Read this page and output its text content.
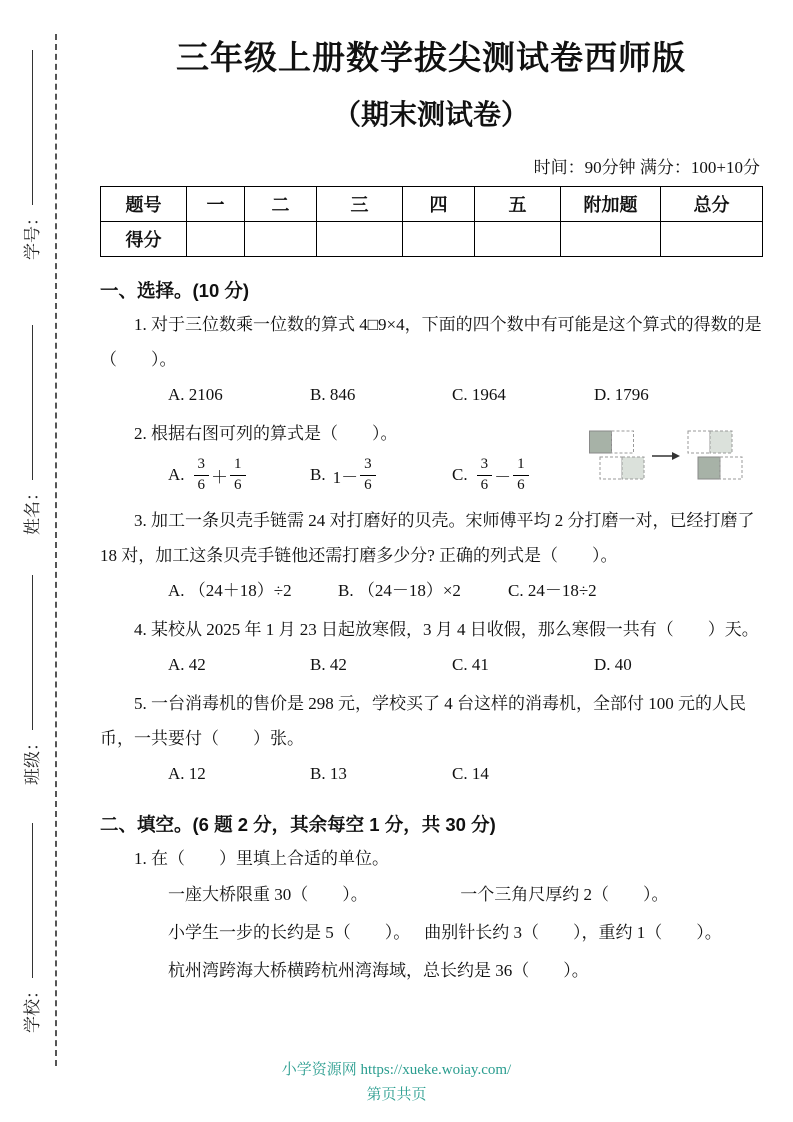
学号：
姓名：
班级：
学校：
三年级上册数学拔尖测试卷西师版
（期末测试卷）
时间：90分钟 满分：100+10分
题号	一	二	三	四	五	附加题	总分
得分							
一、选择。(10 分)

1. 对于三位数乘一位数的算式 4□9×4，下面的四个数中有可能是这个算式的得数的是（　　）。

A. 2106	B. 846	C. 1964	D. 1796

2. 根据右图可列的算式是（　　）。

A. $\frac{3}{6} + \frac{1}{6}$	B. $1- \frac{3}{6}$	C. $\frac{3}{6} - \frac{1}{6}$

3. 加工一条贝壳手链需 24 对打磨好的贝壳。宋师傅平均 2 分打磨一对，已经打磨了 18 对，加工这条贝壳手链他还需打磨多少分? 正确的列式是（　　）。

A. （24＋18）÷2	B. （24－18）×2	C. 24－18÷2

4. 某校从 2025 年 1 月 23 日起放寒假，3 月 4 日收假，那么寒假一共有（　　）天。

A. 42	B. 42	C. 41	D. 40

5. 一台消毒机的售价是 298 元，学校买了 4 台这样的消毒机，全部付 100 元的人民币，一共要付（　　）张。

A. 12	B. 13	C. 14
二、填空。(6 题 2 分，其余每空 1 分，共 30 分)

1. 在（　　）里填上合适的单位。

一座大桥限重 30（　　）。	一个三角尺厚约 2（　　）。
小学生一步的长约是 5（　　）。 曲别针长约 3（　　），重约 1（　　）。
杭州湾跨海大桥横跨杭州湾海域，总长约是 36（　　）。
小学资源网 https://xueke.woiay.com/
第页共页
